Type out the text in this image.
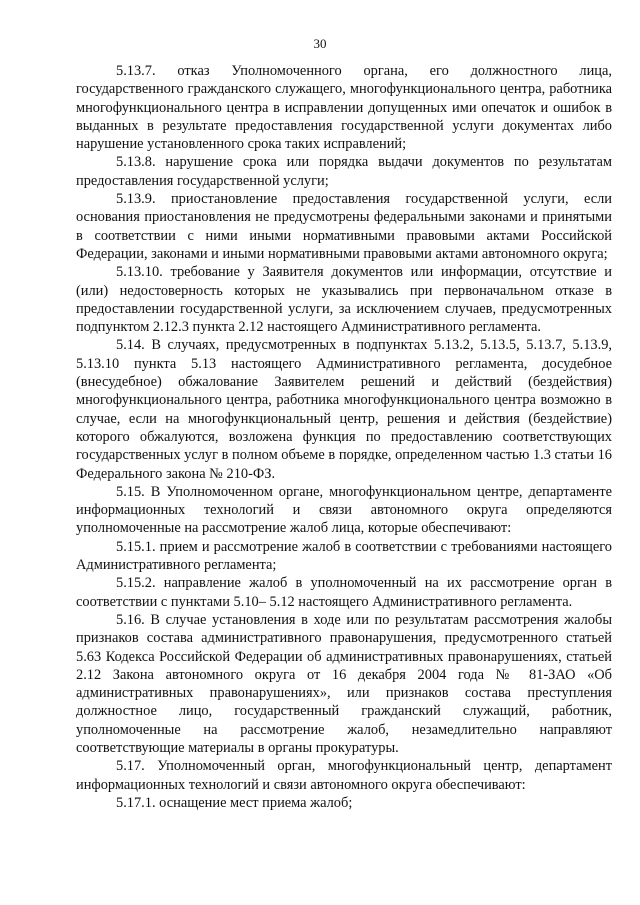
30

5.13.7. отказ Уполномоченного органа, его должностного лица, государственного гражданского служащего, многофункционального центра, работника многофункционального центра в исправлении допущенных ими опечаток и ошибок в выданных в результате предоставления государственной услуги документах либо нарушение установленного срока таких исправлений;

5.13.8. нарушение срока или порядка выдачи документов по результатам предоставления государственной услуги;

5.13.9. приостановление предоставления государственной услуги, если основания приостановления не предусмотрены федеральными законами и принятыми в соответствии с ними иными нормативными правовыми актами Российской Федерации, законами и иными нормативными правовыми актами автономного округа;

5.13.10. требование у Заявителя документов или информации, отсутствие и (или) недостоверность которых не указывались при первоначальном отказе в предоставлении государственной услуги, за исключением случаев, предусмотренных подпунктом 2.12.3 пункта 2.12 настоящего Административного регламента.

5.14. В случаях, предусмотренных в подпунктах 5.13.2, 5.13.5, 5.13.7, 5.13.9, 5.13.10 пункта 5.13 настоящего Административного регламента, досудебное (внесудебное) обжалование Заявителем решений и действий (бездействия) многофункционального центра, работника многофункционального центра возможно в случае, если на многофункциональный центр, решения и действия (бездействие) которого обжалуются, возложена функция по предоставлению соответствующих государственных услуг в полном объеме в порядке, определенном частью 1.3 статьи 16 Федерального закона № 210-ФЗ.

5.15. В Уполномоченном органе, многофункциональном центре, департаменте информационных технологий и связи автономного округа определяются уполномоченные на рассмотрение жалоб лица, которые обеспечивают:

5.15.1. прием и рассмотрение жалоб в соответствии с требованиями настоящего Административного регламента;

5.15.2. направление жалоб в уполномоченный на их рассмотрение орган в соответствии с пунктами 5.10– 5.12 настоящего Административного регламента.

5.16. В случае установления в ходе или по результатам рассмотрения жалобы признаков состава административного правонарушения, предусмотренного статьей 5.63 Кодекса Российской Федерации об административных правонарушениях, статьей 2.12 Закона автономного округа от 16 декабря 2004 года № 81-ЗАО «Об административных правонарушениях», или признаков состава преступления должностное лицо, государственный гражданский служащий, работник, уполномоченные на рассмотрение жалоб, незамедлительно направляют соответствующие материалы в органы прокуратуры.

5.17. Уполномоченный орган, многофункциональный центр, департамент информационных технологий и связи автономного округа обеспечивают:

5.17.1. оснащение мест приема жалоб;
